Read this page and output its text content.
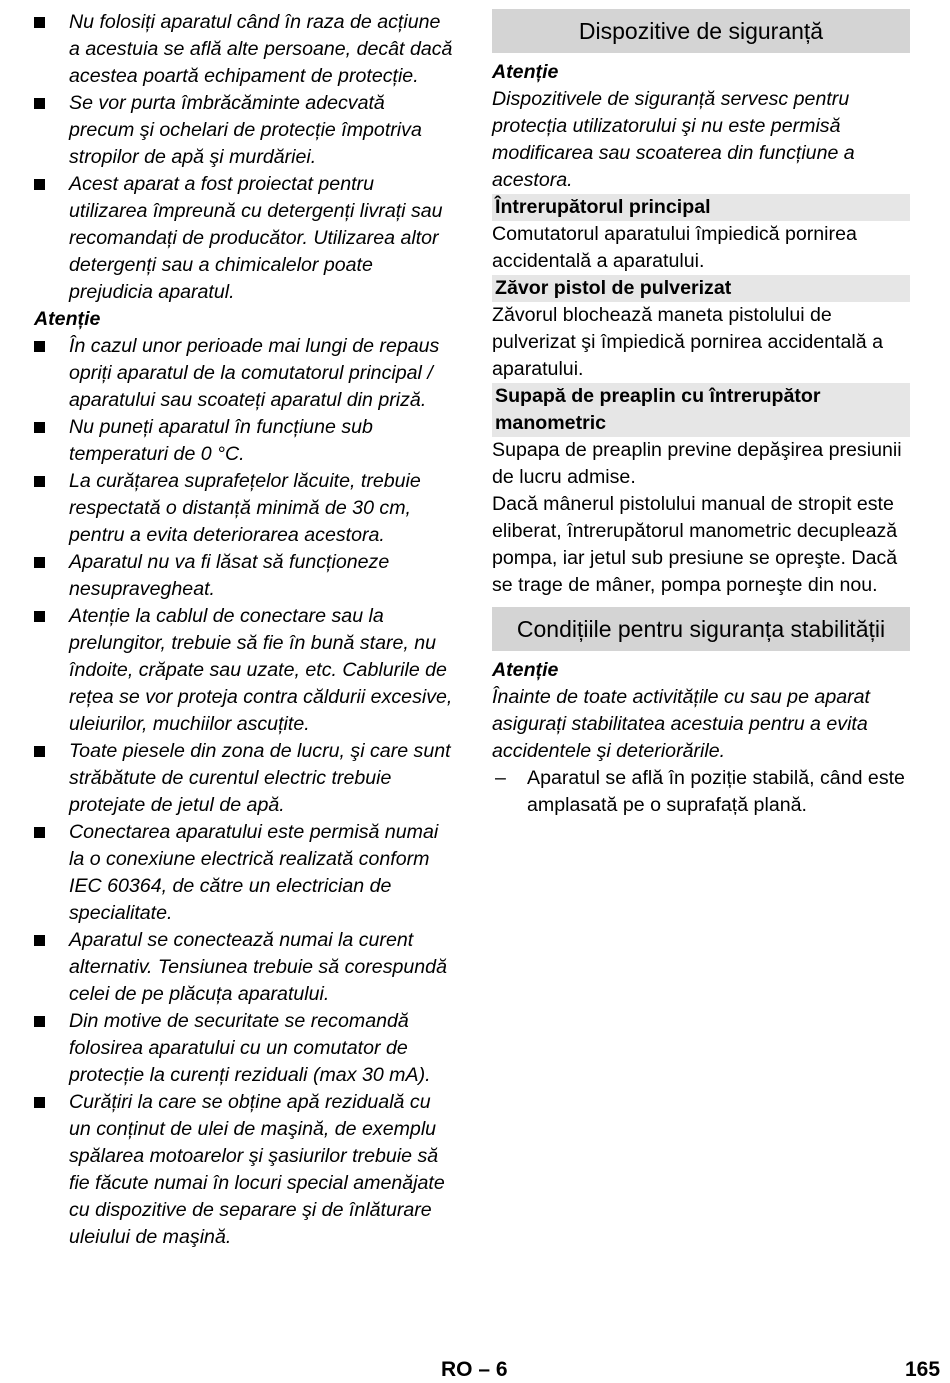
Nu folosiți aparatul când în raza de acțiune a acestuia se află alte persoane, decât dacă acestea poartă echipament de protecție.

Se vor purta îmbrăcăminte adecvată precum şi ochelari de protecție împotriva stropilor de apă şi murdăriei.

Acest aparat a fost proiectat pentru utilizarea împreună cu detergenți livrați sau recomandați de producător. Utilizarea altor detergenți sau a chimicalelor poate prejudicia aparatul.

Atenție

În cazul unor perioade mai lungi de repaus opriți aparatul de la comutatorul principal / aparatului sau scoateți aparatul din priză.

Nu puneți aparatul în funcțiune sub temperaturi de 0 °C.

La curățarea suprafețelor lăcuite, trebuie respectată o distanță minimă de 30 cm, pentru a evita deteriorarea acestora.

Aparatul nu va fi lăsat să funcționeze nesupravegheat.

Atenție la cablul de conectare sau la prelungitor, trebuie să fie în bună stare, nu îndoite, crăpate sau uzate, etc. Cablurile de rețea se vor proteja contra căldurii excesive, uleiurilor, muchiilor ascuțite.

Toate piesele din zona de lucru, şi care sunt străbătute de curentul electric trebuie protejate de jetul de apă.

Conectarea aparatului este permisă numai la o conexiune electrică realizată conform IEC 60364, de către un electrician de specialitate.

Aparatul se conectează numai la curent alternativ. Tensiunea trebuie să corespundă celei de pe plăcuța aparatului.

Din motive de securitate se recomandă folosirea aparatului cu un comutator de protecție la curenți reziduali (max 30 mA).

Curățiri la care se obține apă reziduală cu un conținut de ulei de maşină, de exemplu spălarea motoarelor şi şasiurilor trebuie să fie făcute numai în locuri special amenăjate cu dispozitive de separare şi de înlăturare uleiului de maşină.

Dispozitive de siguranță

Atenție

Dispozitivele de siguranță servesc pentru protecția utilizatorului şi nu este permisă modificarea sau scoaterea din funcțiune a acestora.

Întrerupătorul principal

Comutatorul aparatului împiedică pornirea accidentală a aparatului.

Zăvor pistol de pulverizat

Zăvorul blochează maneta pistolului de pulverizat şi împiedică pornirea accidentală a aparatului.

Supapă de preaplin cu întrerupător manometric

Supapa de preaplin previne depăşirea presiunii de lucru admise.

Dacă mânerul pistolului manual de stropit este eliberat, întrerupătorul manometric decuplează pompa, iar jetul sub presiune se opreşte. Dacă se trage de mâner, pompa porneşte din nou.

Condițiile pentru siguranța stabilității

Atenție

Înainte de toate activitățile cu sau pe aparat asigurați stabilitatea acestuia pentru a evita accidentele şi deteriorările.

– Aparatul se află în poziție stabilă, când este amplasată pe o suprafață plană.

RO – 6	165
